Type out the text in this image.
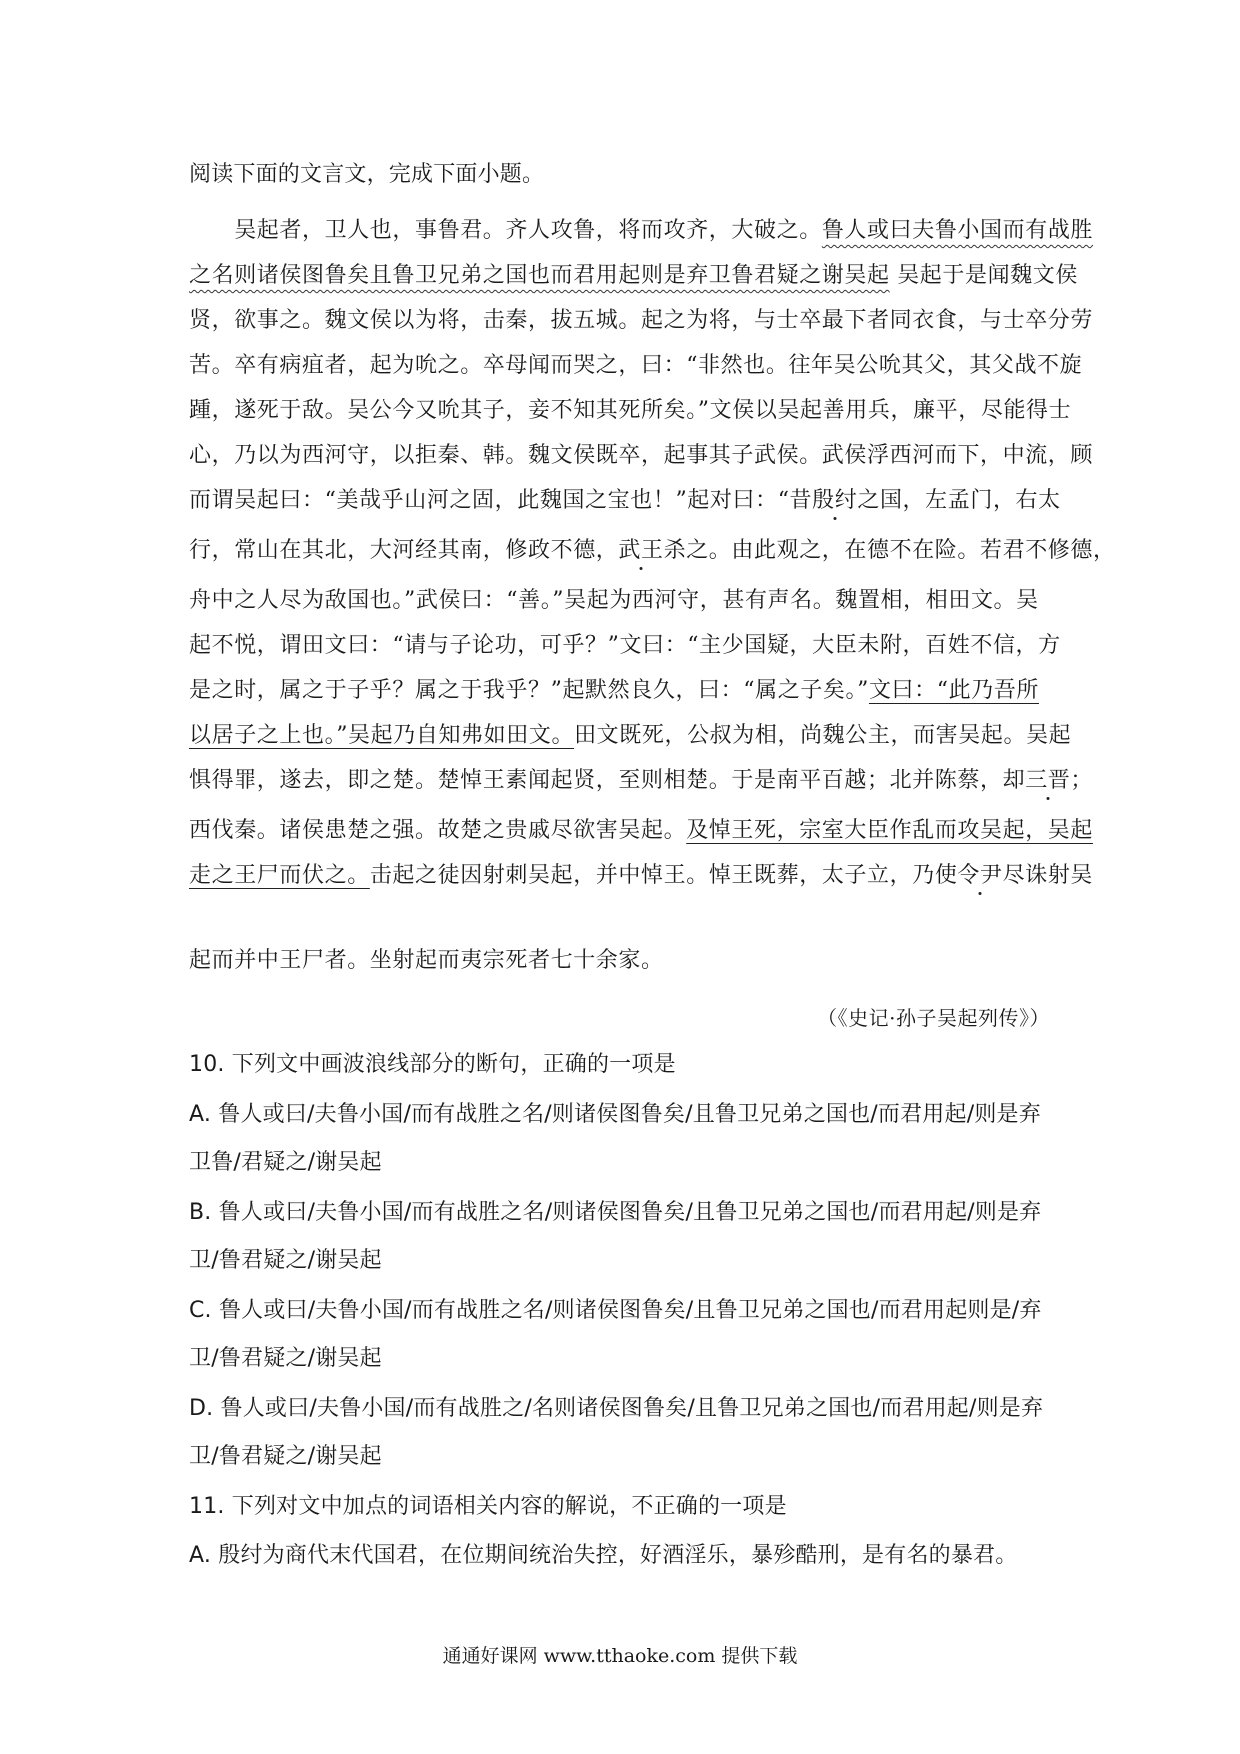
阅读下面的文言文，完成下面小题。
　　吴起者，卫人也，事鲁君。齐人攻鲁，将而攻齐，大破之。鲁人或曰夫鲁小国而有战胜
之名则诸侯图鲁矣且鲁卫兄弟之国也而君用起则是弃卫鲁君疑之谢吴起 吴起于是闻魏文侯
贤，欲事之。魏文侯以为将，击秦，拔五城。起之为将，与士卒最下者同衣食，与士卒分劳
苦。卒有病疽者，起为吮之。卒母闻而哭之，曰：“非然也。往年吴公吮其父，其父战不旋
踵，遂死于敌。吴公今又吮其子，妾不知其死所矣。”文侯以吴起善用兵，廉平，尽能得士
心，乃以为西河守，以拒秦、韩。魏文侯既卒，起事其子武侯。武侯浮西河而下，中流，顾
而谓吴起曰：“美哉乎山河之固，此魏国之宝也！”起对曰：“昔殷纣之国，左孟门，右太
行，常山在其北，大河经其南，修政不德，武王杀之。由此观之，在德不在险。若君不修德，
舟中之人尽为敌国也。”武侯曰：“善。”吴起为西河守，甚有声名。魏置相，相田文。吴
起不悦，谓田文曰：“请与子论功，可乎？”文曰：“主少国疑，大臣未附，百姓不信，方
是之时，属之于子乎？属之于我乎？”起默然良久，曰：“属之子矣。”文曰：“此乃吾所
以居子之上也。”吴起乃自知弗如田文。田文既死，公叔为相，尚魏公主，而害吴起。吴起
惧得罪，遂去，即之楚。楚悼王素闻起贤，至则相楚。于是南平百越；北并陈蔡，却三晋；
西伐秦。诸侯患楚之强。故楚之贵戚尽欲害吴起。及悼王死，宗室大臣作乱而攻吴起，吴起
走之王尸而伏之。击起之徒因射刺吴起，并中悼王。悼王既葬，太子立，乃使令尹尽诛射吴
起而并中王尸者。坐射起而夷宗死者七十余家。
（《史记·孙子吴起列传》）
10. 下列文中画波浪线部分的断句，正确的一项是
A. 鲁人或曰/夫鲁小国/而有战胜之名/则诸侯图鲁矣/且鲁卫兄弟之国也/而君用起/则是弃
卫鲁/君疑之/谢吴起
B. 鲁人或曰/夫鲁小国/而有战胜之名/则诸侯图鲁矣/且鲁卫兄弟之国也/而君用起/则是弃
卫/鲁君疑之/谢吴起
C. 鲁人或曰/夫鲁小国/而有战胜之名/则诸侯图鲁矣/且鲁卫兄弟之国也/而君用起则是/弃
卫/鲁君疑之/谢吴起
D. 鲁人或曰/夫鲁小国/而有战胜之/名则诸侯图鲁矣/且鲁卫兄弟之国也/而君用起/则是弃
卫/鲁君疑之/谢吴起
11. 下列对文中加点的词语相关内容的解说，不正确的一项是
A. 殷纣为商代末代国君，在位期间统治失控，好酒淫乐，暴殄酷刑，是有名的暴君。
通通好课网 www.tthaoke.com 提供下载
